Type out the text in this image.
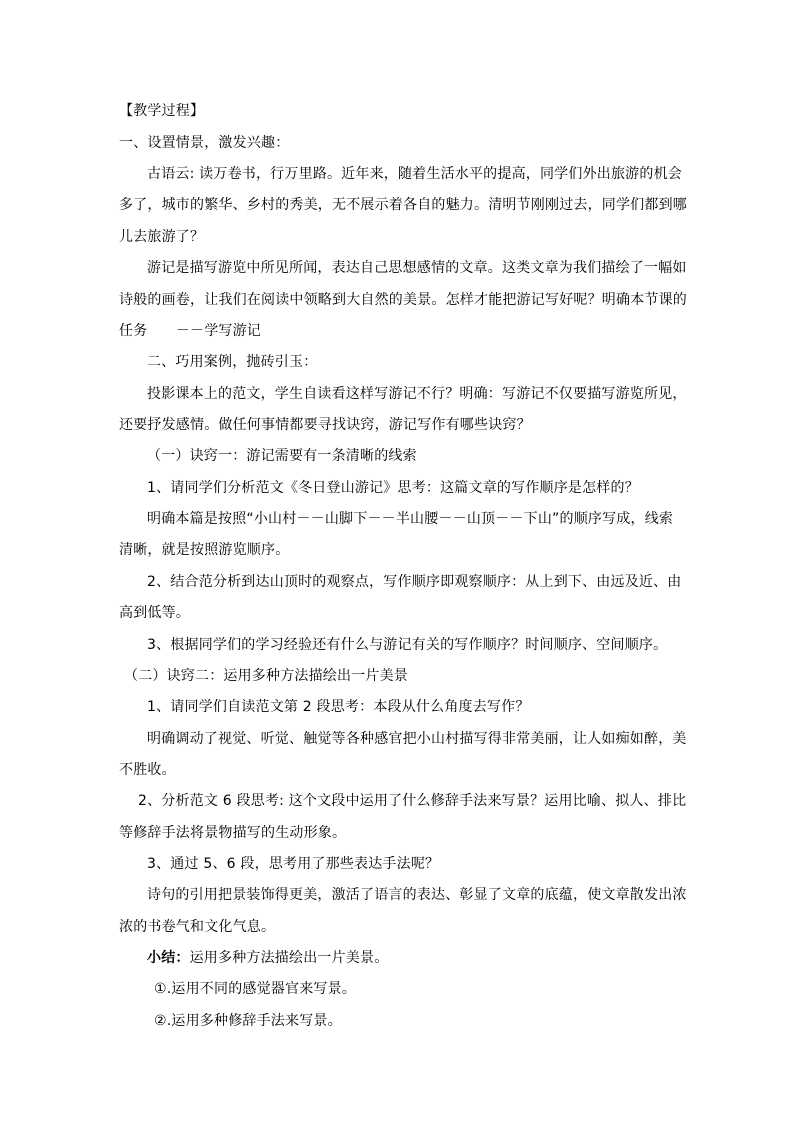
【教学过程】
一、设置情景，激发兴趣：
古语云: 读万卷书，行万里路。近年来，随着生活水平的提高，同学们外出旅游的机会
多了，城市的繁华、乡村的秀美，无不展示着各自的魅力。清明节刚刚过去，同学们都到哪
儿去旅游了？
游记是描写游览中所见所闻，表达自己思想感情的文章。这类文章为我们描绘了一幅如
诗般的画卷，让我们在阅读中领略到大自然的美景。怎样才能把游记写好呢？明确本节课的
任务　　－－学写游记
二、巧用案例，抛砖引玉：
投影课本上的范文，学生自读看这样写游记不行？明确：写游记不仅要描写游览所见，
还要抒发感情。做任何事情都要寻找诀窍，游记写作有哪些诀窍？
（一）诀窍一：游记需要有一条清晰的线索
1、请同学们分析范文《冬日登山游记》思考：这篇文章的写作顺序是怎样的？
明确本篇是按照“小山村－－山脚下－－半山腰－－山顶－－下山”的顺序写成，线索
清晰，就是按照游览顺序。
2、结合范分析到达山顶时的观察点，写作顺序即观察顺序：从上到下、由远及近、由
高到低等。
3、根据同学们的学习经验还有什么与游记有关的写作顺序？时间顺序、空间顺序。
（二）诀窍二：运用多种方法描绘出一片美景
1、请同学们自读范文第 2 段思考：本段从什么角度去写作？
明确调动了视觉、听觉、触觉等各种感官把小山村描写得非常美丽，让人如痴如醉，美
不胜收。
2、分析范文 6 段思考: 这个文段中运用了什么修辞手法来写景？运用比喻、拟人、排比
等修辞手法将景物描写的生动形象。
3、通过 5、6 段，思考用了那些表达手法呢？
诗句的引用把景装饰得更美，激活了语言的表达、彰显了文章的底蕴，使文章散发出浓
浓的书卷气和文化气息。
小结：运用多种方法描绘出一片美景。
①.运用不同的感觉器官来写景。
②.运用多种修辞手法来写景。
